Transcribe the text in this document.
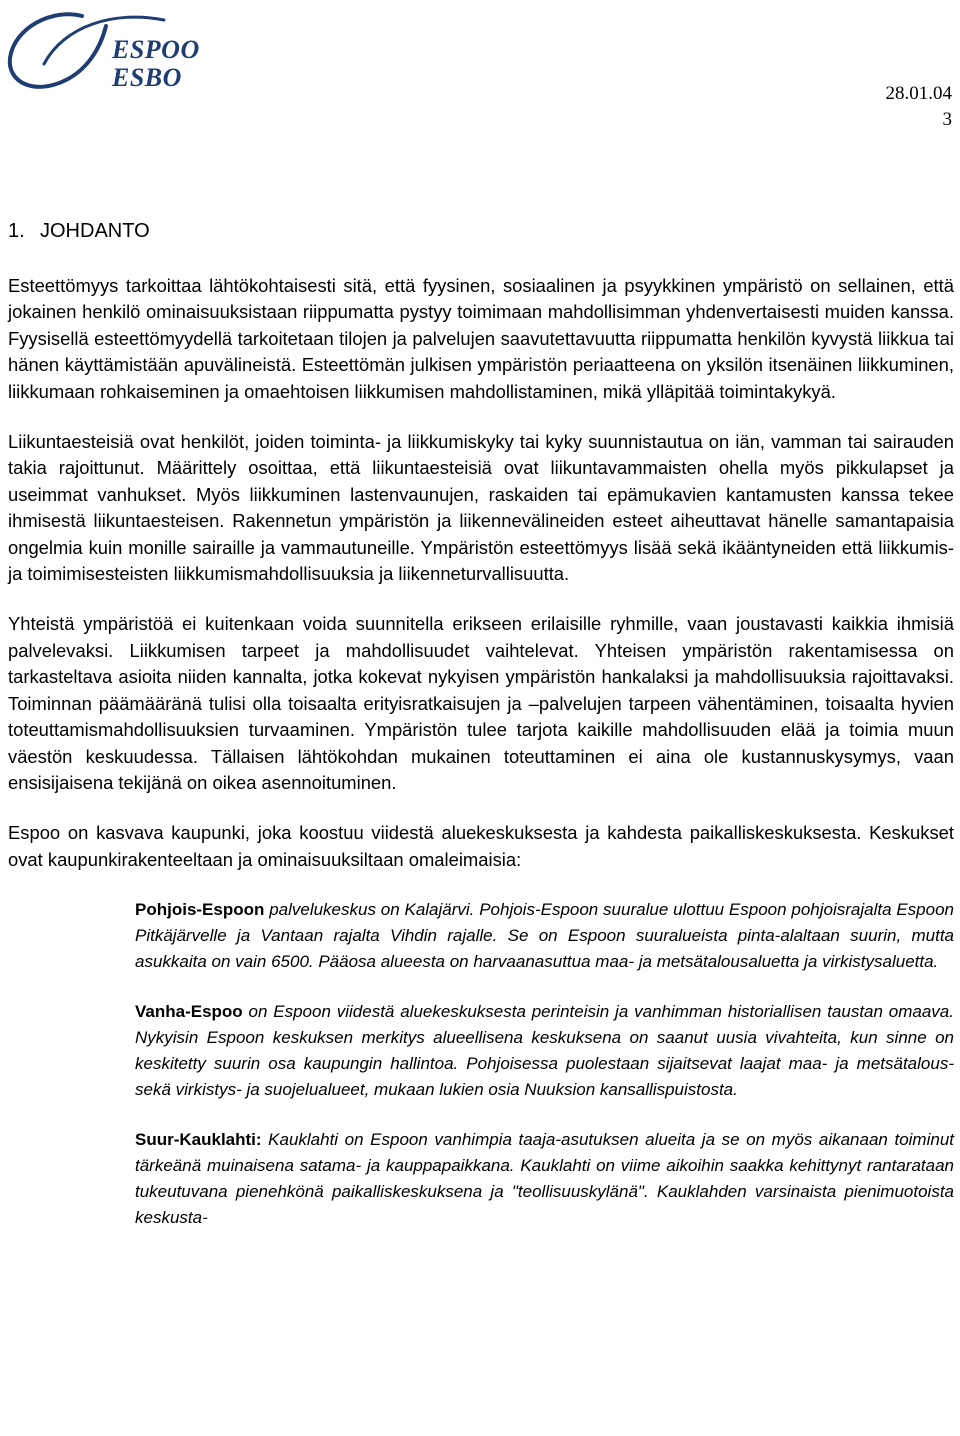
ESPOO
ESBO
28.01.04
3
1. JOHDANTO

Esteettömyys tarkoittaa lähtökohtaisesti sitä, että fyysinen, sosiaalinen ja psyykkinen ympäristö on sellainen, että jokainen henkilö ominaisuuksistaan riippumatta pystyy toimimaan mahdollisimman yhdenvertaisesti muiden kanssa. Fyysisellä esteettömyydellä tarkoitetaan tilojen ja palvelujen saavutettavuutta riippumatta henkilön kyvystä liikkua tai hänen käyttämistään apuvälineistä. Esteettömän julkisen ympäristön periaatteena on yksilön itsenäinen liikkuminen, liikkumaan rohkaiseminen ja omaehtoisen liikkumisen mahdollistaminen, mikä ylläpitää toimintakykyä.

Liikuntaesteisiä ovat henkilöt, joiden toiminta- ja liikkumiskyky tai kyky suunnistautua on iän, vamman tai sairauden takia rajoittunut. Määrittely osoittaa, että liikuntaesteisiä ovat liikuntavammaisten ohella myös pikkulapset ja useimmat vanhukset. Myös liikkuminen lastenvaunujen, raskaiden tai epämukavien kantamusten kanssa tekee ihmisestä liikuntaesteisen. Rakennetun ympäristön ja liikennevälineiden esteet aiheuttavat hänelle samantapaisia ongelmia kuin monille sairaille ja vammautuneille. Ympäristön esteettömyys lisää sekä ikääntyneiden että liikkumis- ja toimimisesteisten liikkumismahdollisuuksia ja liikenneturvallisuutta.

Yhteistä ympäristöä ei kuitenkaan voida suunnitella erikseen erilaisille ryhmille, vaan joustavasti kaikkia ihmisiä palvelevaksi. Liikkumisen tarpeet ja mahdollisuudet vaihtelevat. Yhteisen ympäristön rakentamisessa on tarkasteltava asioita niiden kannalta, jotka kokevat nykyisen ympäristön hankalaksi ja mahdollisuuksia rajoittavaksi. Toiminnan päämääränä tulisi olla toisaalta erityisratkaisujen ja –palvelujen tarpeen vähentäminen, toisaalta hyvien toteuttamismahdollisuuksien turvaaminen. Ympäristön tulee tarjota kaikille mahdollisuuden elää ja toimia muun väestön keskuudessa. Tällaisen lähtökohdan mukainen toteuttaminen ei aina ole kustannuskysymys, vaan ensisijaisena tekijänä on oikea asennoituminen.

Espoo on kasvava kaupunki, joka koostuu viidestä aluekeskuksesta ja kahdesta paikalliskeskuksesta. Keskukset ovat kaupunkirakenteeltaan ja ominaisuuksiltaan omaleimaisia:

Pohjois-Espoon palvelukeskus on Kalajärvi. Pohjois-Espoon suuralue ulottuu Espoon pohjoisrajalta Espoon Pitkäjärvelle ja Vantaan rajalta Vihdin rajalle. Se on Espoon suuralueista pinta-alaltaan suurin, mutta asukkaita on vain 6500. Pääosa alueesta on harvaanasuttua maa- ja metsätalousaluetta ja virkistysaluetta.
Vanha-Espoo on Espoon viidestä aluekeskuksesta perinteisin ja vanhimman historiallisen taustan omaava. Nykyisin Espoon keskuksen merkitys alueellisena keskuksena on saanut uusia vivahteita, kun sinne on keskitetty suurin osa kaupungin hallintoa. Pohjoisessa puolestaan sijaitsevat laajat maa- ja metsätalous- sekä virkistys- ja suojelualueet, mukaan lukien osia Nuuksion kansallispuistosta.
Suur-Kauklahti: Kauklahti on Espoon vanhimpia taaja-asutuksen alueita ja se on myös aikanaan toiminut tärkeänä muinaisena satama- ja kauppapaikkana. Kauklahti on viime aikoihin saakka kehittynyt rantarataan tukeutuvana pienehkönä paikalliskeskuksena ja "teollisuuskylänä". Kauklahden varsinaista pienimuotoista keskusta-
